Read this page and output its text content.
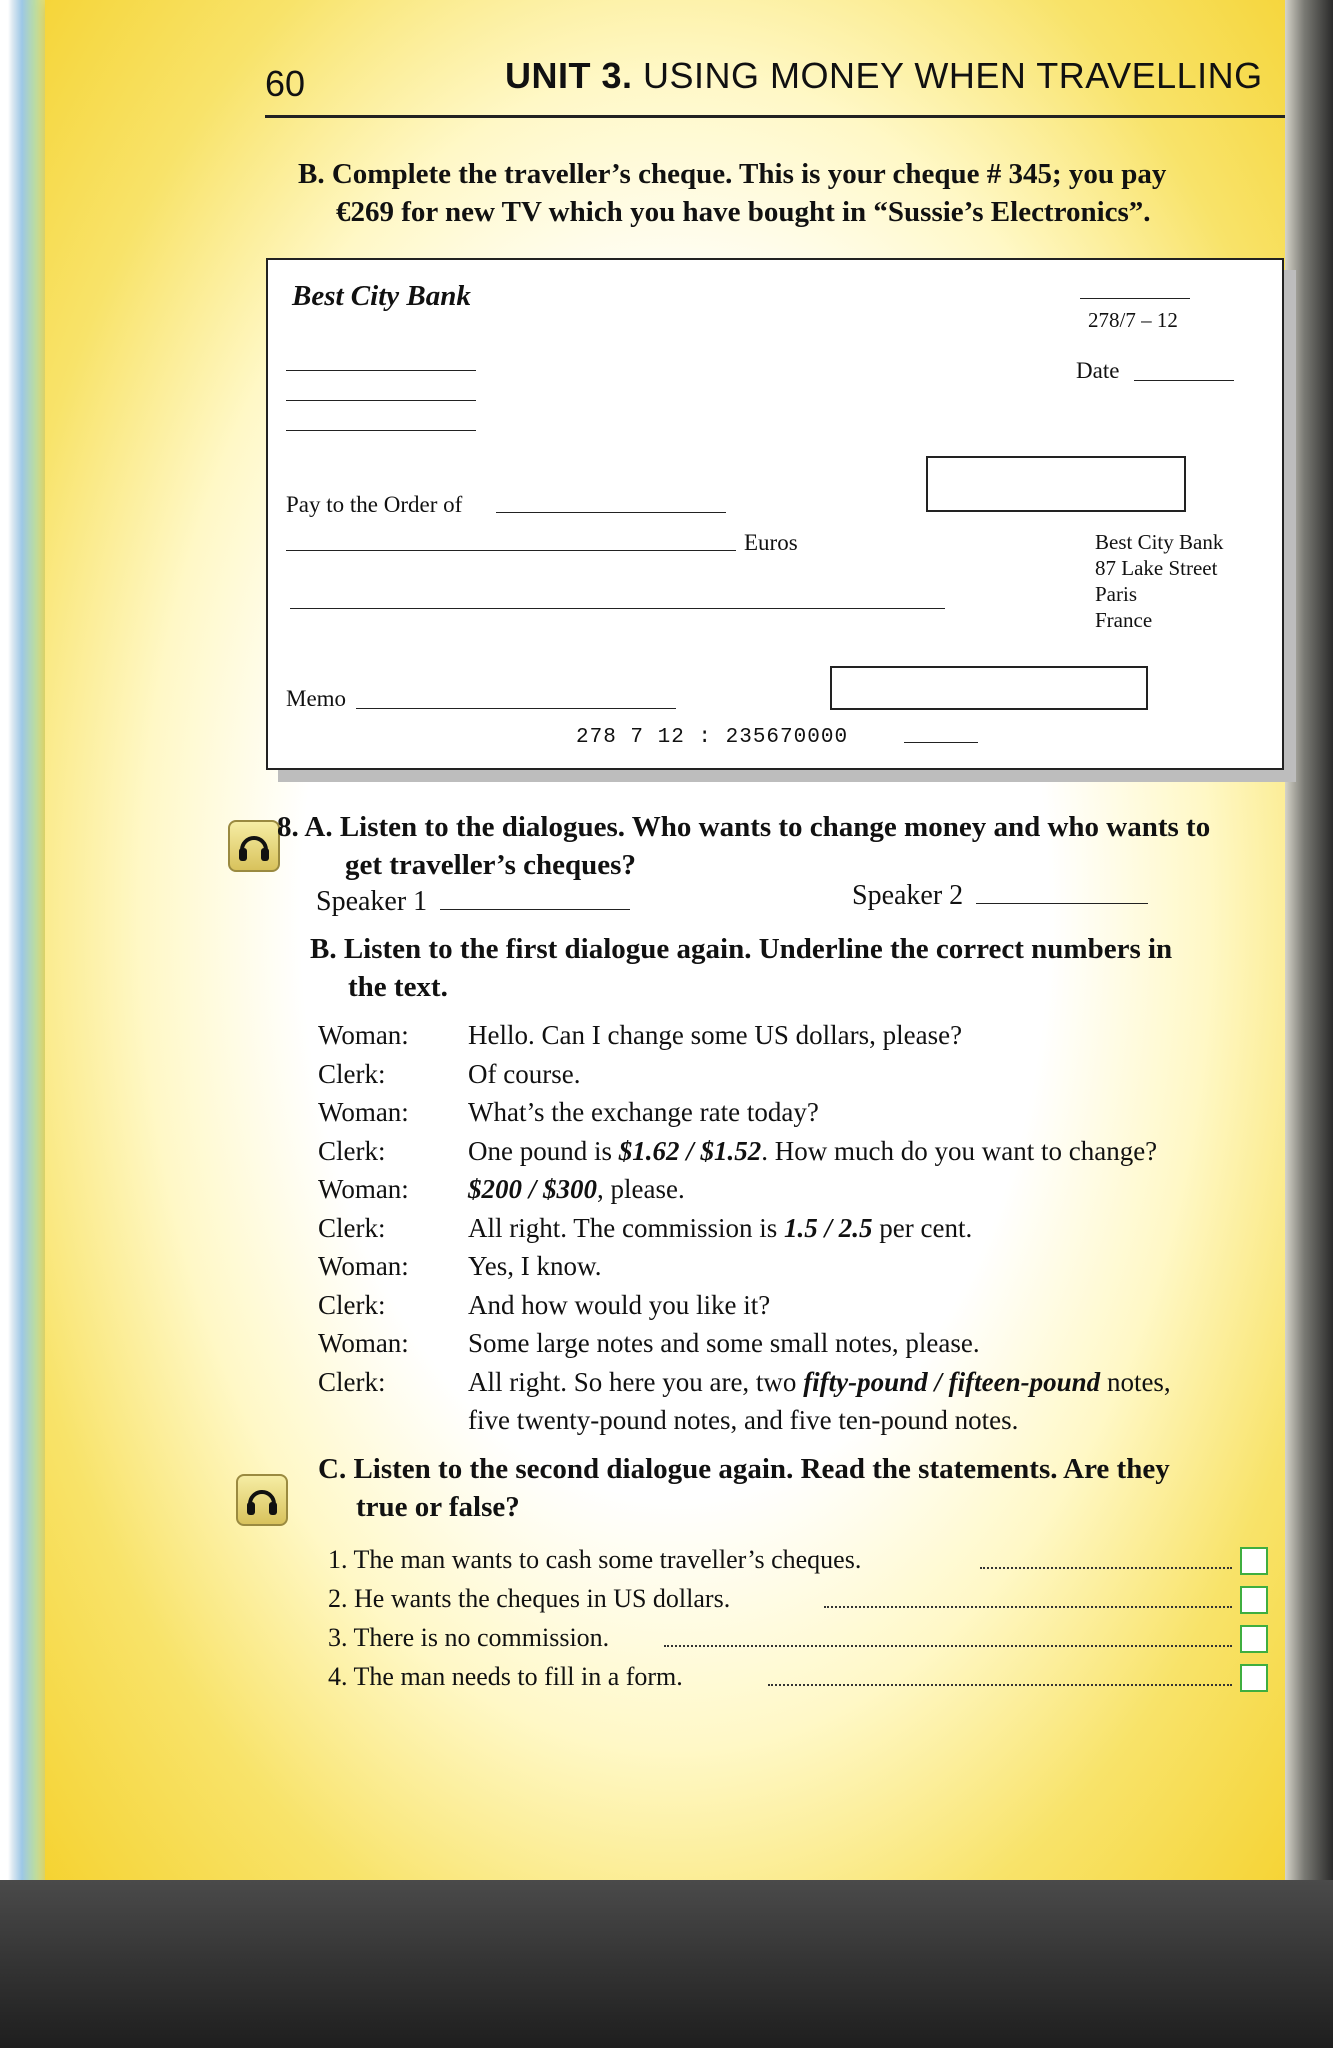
60	UNIT 3. USING MONEY WHEN TRAVELLING
B. Complete the traveller’s cheque. This is your cheque # 345; you pay
€269 for new TV which you have bought in “Sussie’s Electronics”.
Best City Bank
278/7 – 12
Date
Pay to the Order of
Euros	Best City Bank
87 Lake Street
Paris
France
Memo
278 7 12 : 235670000
8. A. Listen to the dialogues. Who wants to change money and who wants to
get traveller’s cheques?
Speaker 1	Speaker 2
B. Listen to the first dialogue again. Underline the correct numbers in
the text.
Woman: Hello. Can I change some US dollars, please?
Clerk:	Of course.
Woman: What’s the exchange rate today?
Clerk:	One pound is $1.62 / $1.52. How much do you want to change?
Woman: $200 / $300, please.
Clerk:	All right. The commission is 1.5 / 2.5 per cent.
Woman: Yes, I know.
Clerk:	And how would you like it?
Woman: Some large notes and some small notes, please.
Clerk:	All right. So here you are, two fifty-pound / fifteen-pound notes,
five twenty-pound notes, and five ten-pound notes.
C. Listen to the second dialogue again. Read the statements. Are they
true or false?
1. The man wants to cash some traveller’s cheques.
2. He wants the cheques in US dollars.
3. There is no commission.
4. The man needs to fill in a form.
